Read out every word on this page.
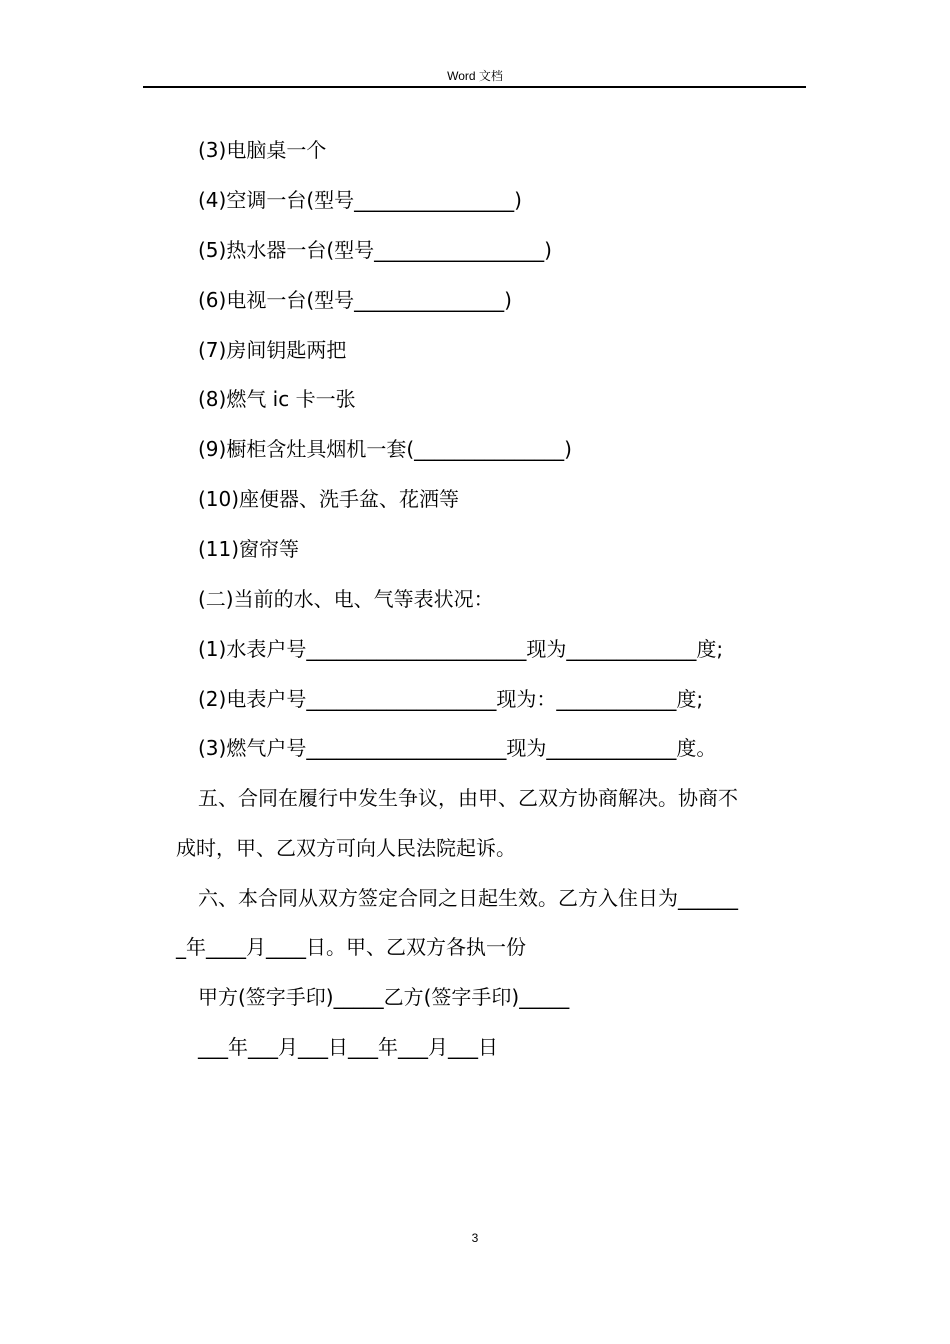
Word 文档
(3)电脑桌一个
(4)空调一台(型号________________)
(5)热水器一台(型号_________________)
(6)电视一台(型号_______________)
(7)房间钥匙两把
(8)燃气 ic 卡一张
(9)橱柜含灶具烟机一套(_______________)
(10)座便器、洗手盆、花洒等
(11)窗帘等
(二)当前的水、电、气等表状况：
(1)水表户号______________________现为_____________度;
(2)电表户号___________________现为：____________度;
(3)燃气户号____________________现为_____________度。
五、合同在履行中发生争议，由甲、乙双方协商解决。协商不
成时，甲、乙双方可向人民法院起诉。
六、本合同从双方签定合同之日起生效。乙方入住日为______
_年____月____日。甲、乙双方各执一份
甲方(签字手印)_____乙方(签字手印)_____
___年___月___日___年___月___日
3
